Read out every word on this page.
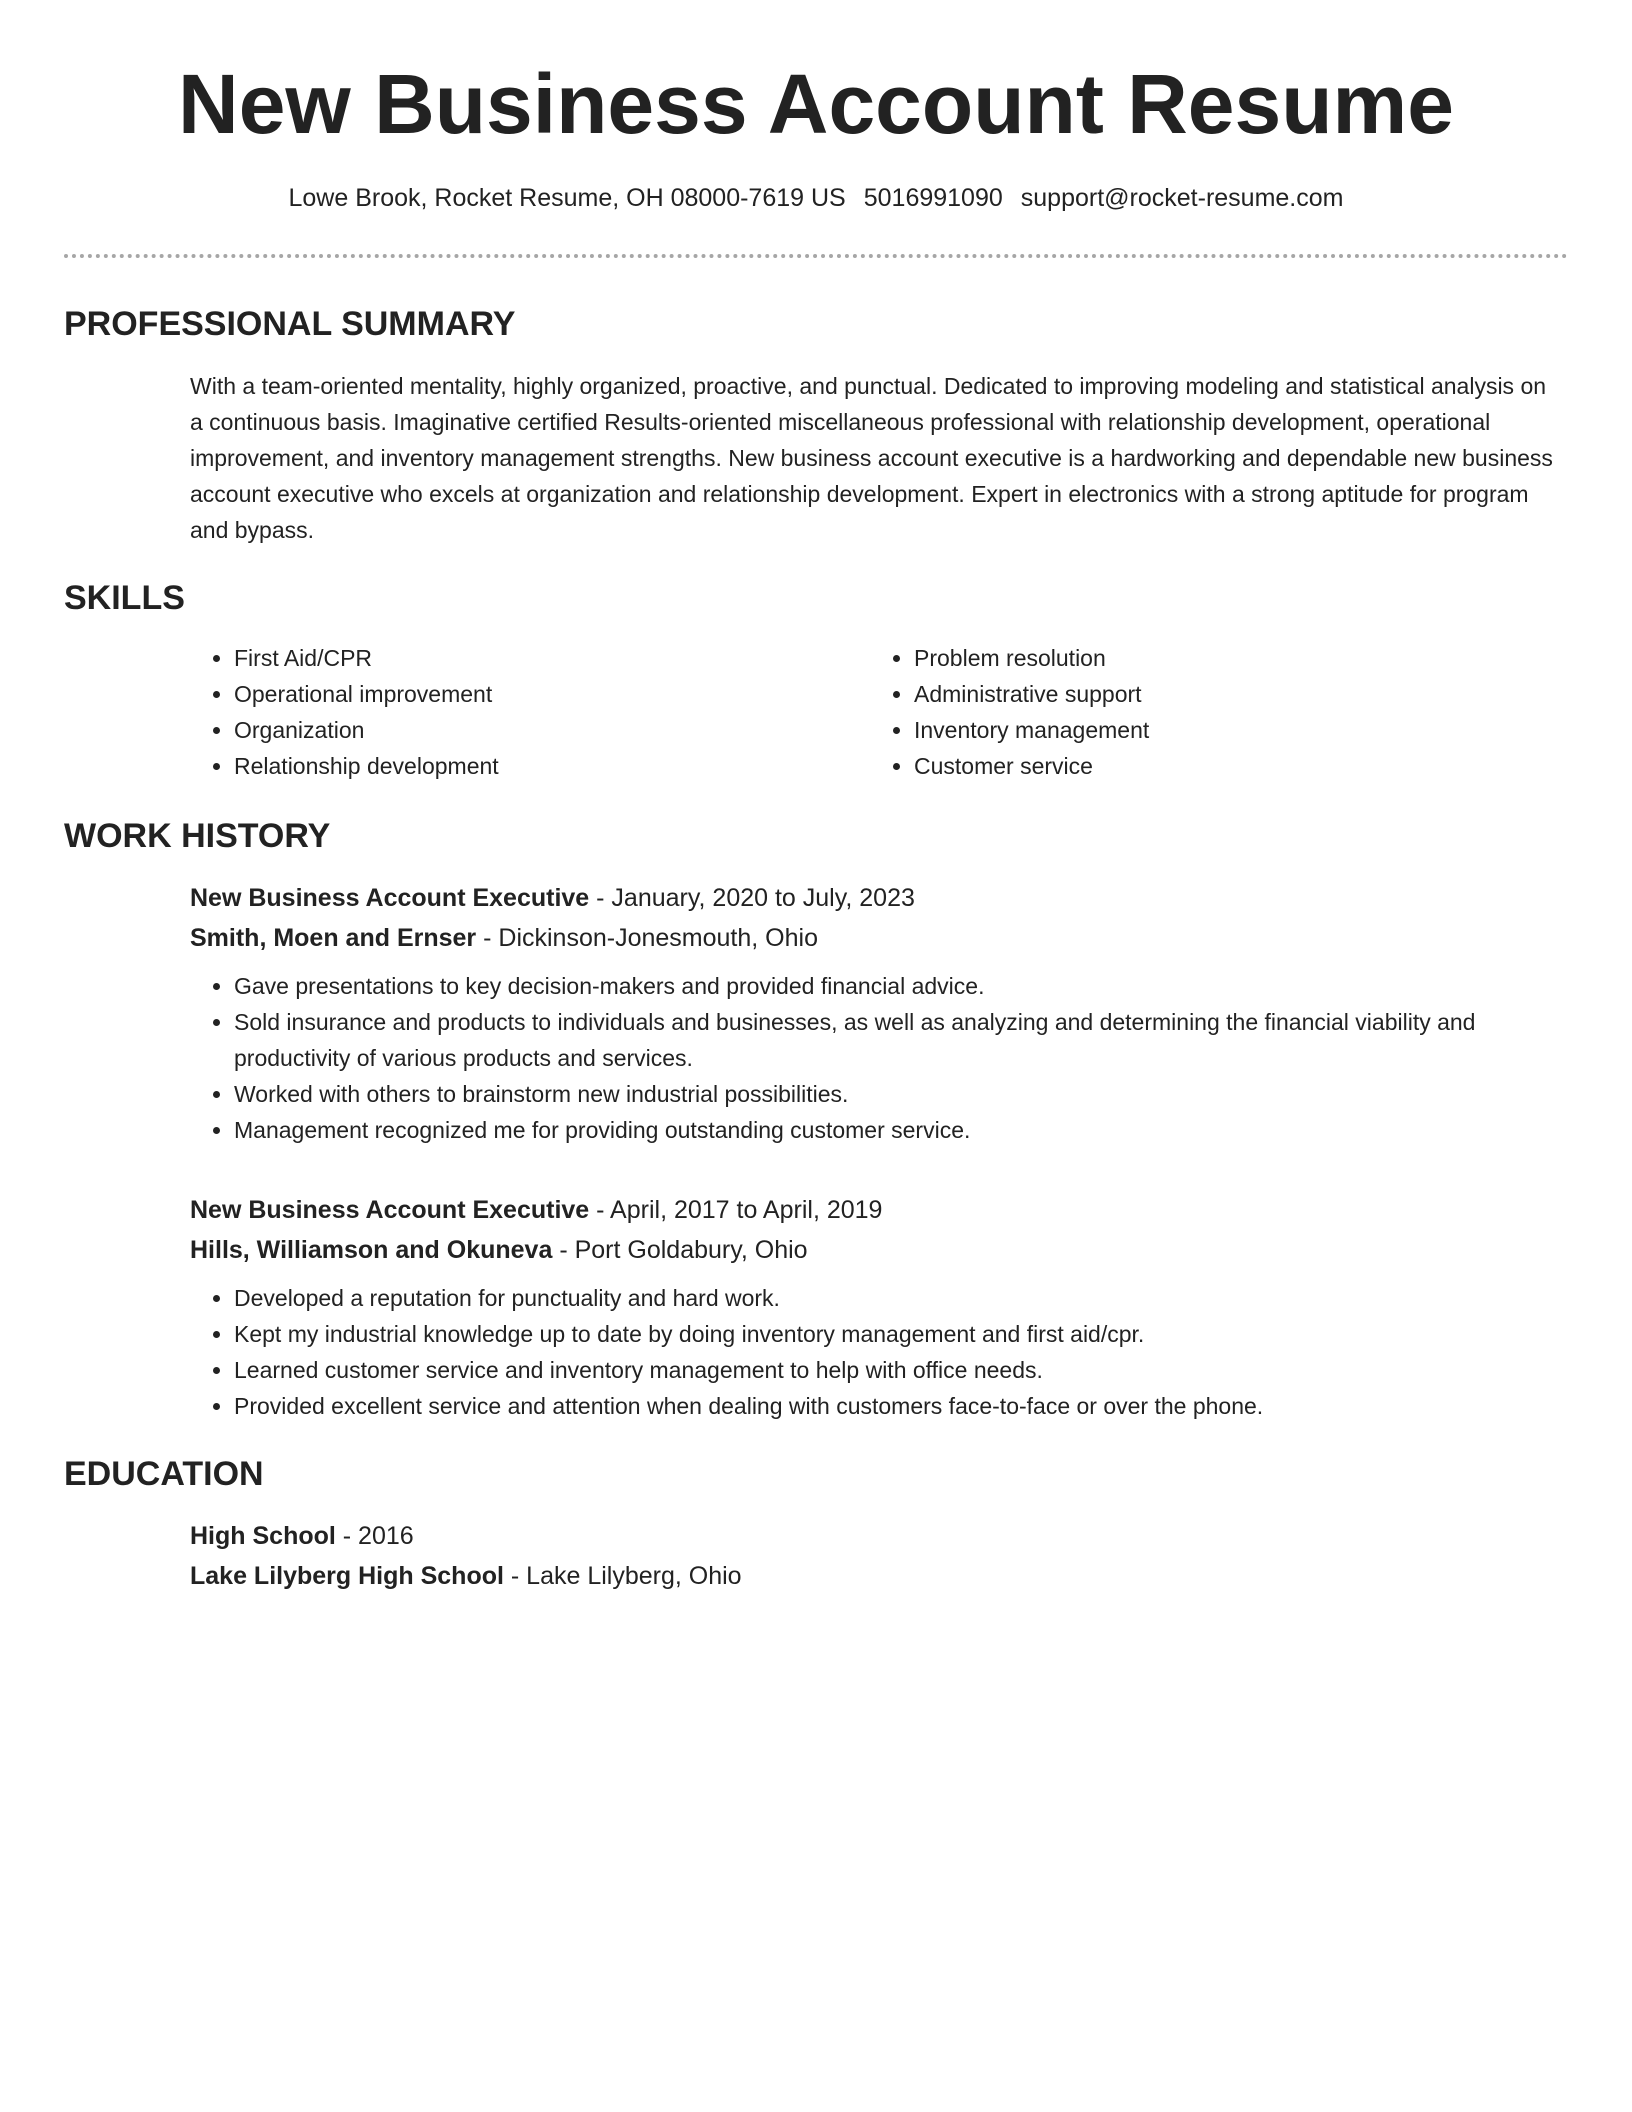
New Business Account Resume
Lowe Brook, Rocket Resume, OH 08000-7619 US 5016991090 support@rocket-resume.com
PROFESSIONAL SUMMARY

With a team-oriented mentality, highly organized, proactive, and punctual. Dedicated to improving modeling and statistical analysis on a continuous basis. Imaginative certified Results-oriented miscellaneous professional with relationship development, operational improvement, and inventory management strengths. New business account executive is a hardworking and dependable new business account executive who excels at organization and relationship development. Expert in electronics with a strong aptitude for program and bypass.

SKILLS
• First Aid/CPR
• Operational improvement
• Organization
• Relationship development
• Problem resolution
• Administrative support
• Inventory management
• Customer service
WORK HISTORY
New Business Account Executive - January, 2020 to July, 2023
Smith, Moen and Ernser - Dickinson-Jonesmouth, Ohio
• Gave presentations to key decision-makers and provided financial advice.
• Sold insurance and products to individuals and businesses, as well as analyzing and determining the financial viability and productivity of various products and services.
• Worked with others to brainstorm new industrial possibilities.
• Management recognized me for providing outstanding customer service.
New Business Account Executive - April, 2017 to April, 2019
Hills, Williamson and Okuneva - Port Goldabury, Ohio
• Developed a reputation for punctuality and hard work.
• Kept my industrial knowledge up to date by doing inventory management and first aid/cpr.
• Learned customer service and inventory management to help with office needs.
• Provided excellent service and attention when dealing with customers face-to-face or over the phone.
EDUCATION
High School - 2016
Lake Lilyberg High School - Lake Lilyberg, Ohio
